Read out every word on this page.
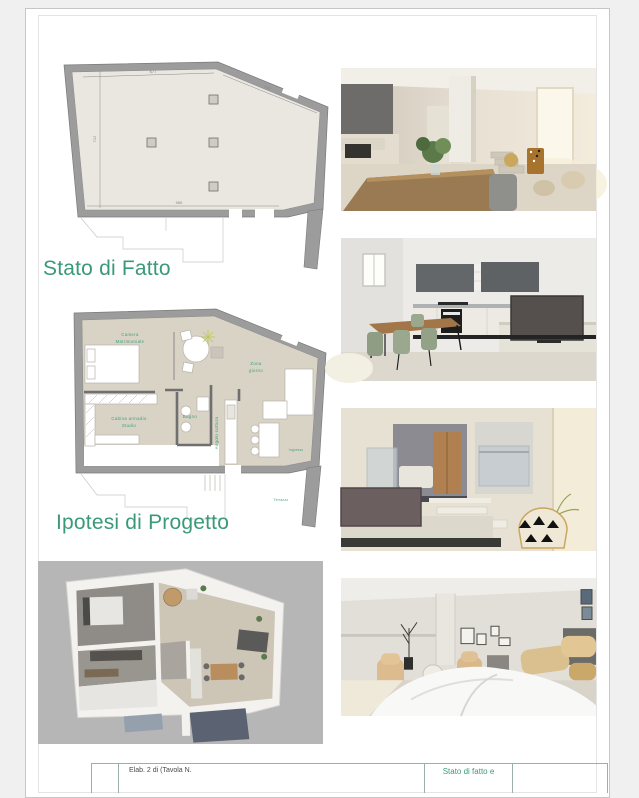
677
342
712
585
Stato di Fatto
Camera
Matrimoniale
Zona
giorno
Cabina armadio
Studio
Bagno
Angolo cottura
Ingresso
Terrazzo
Ipotesi di Progetto
Elab. 2 di (Tavola N.	Stato di fatto e
